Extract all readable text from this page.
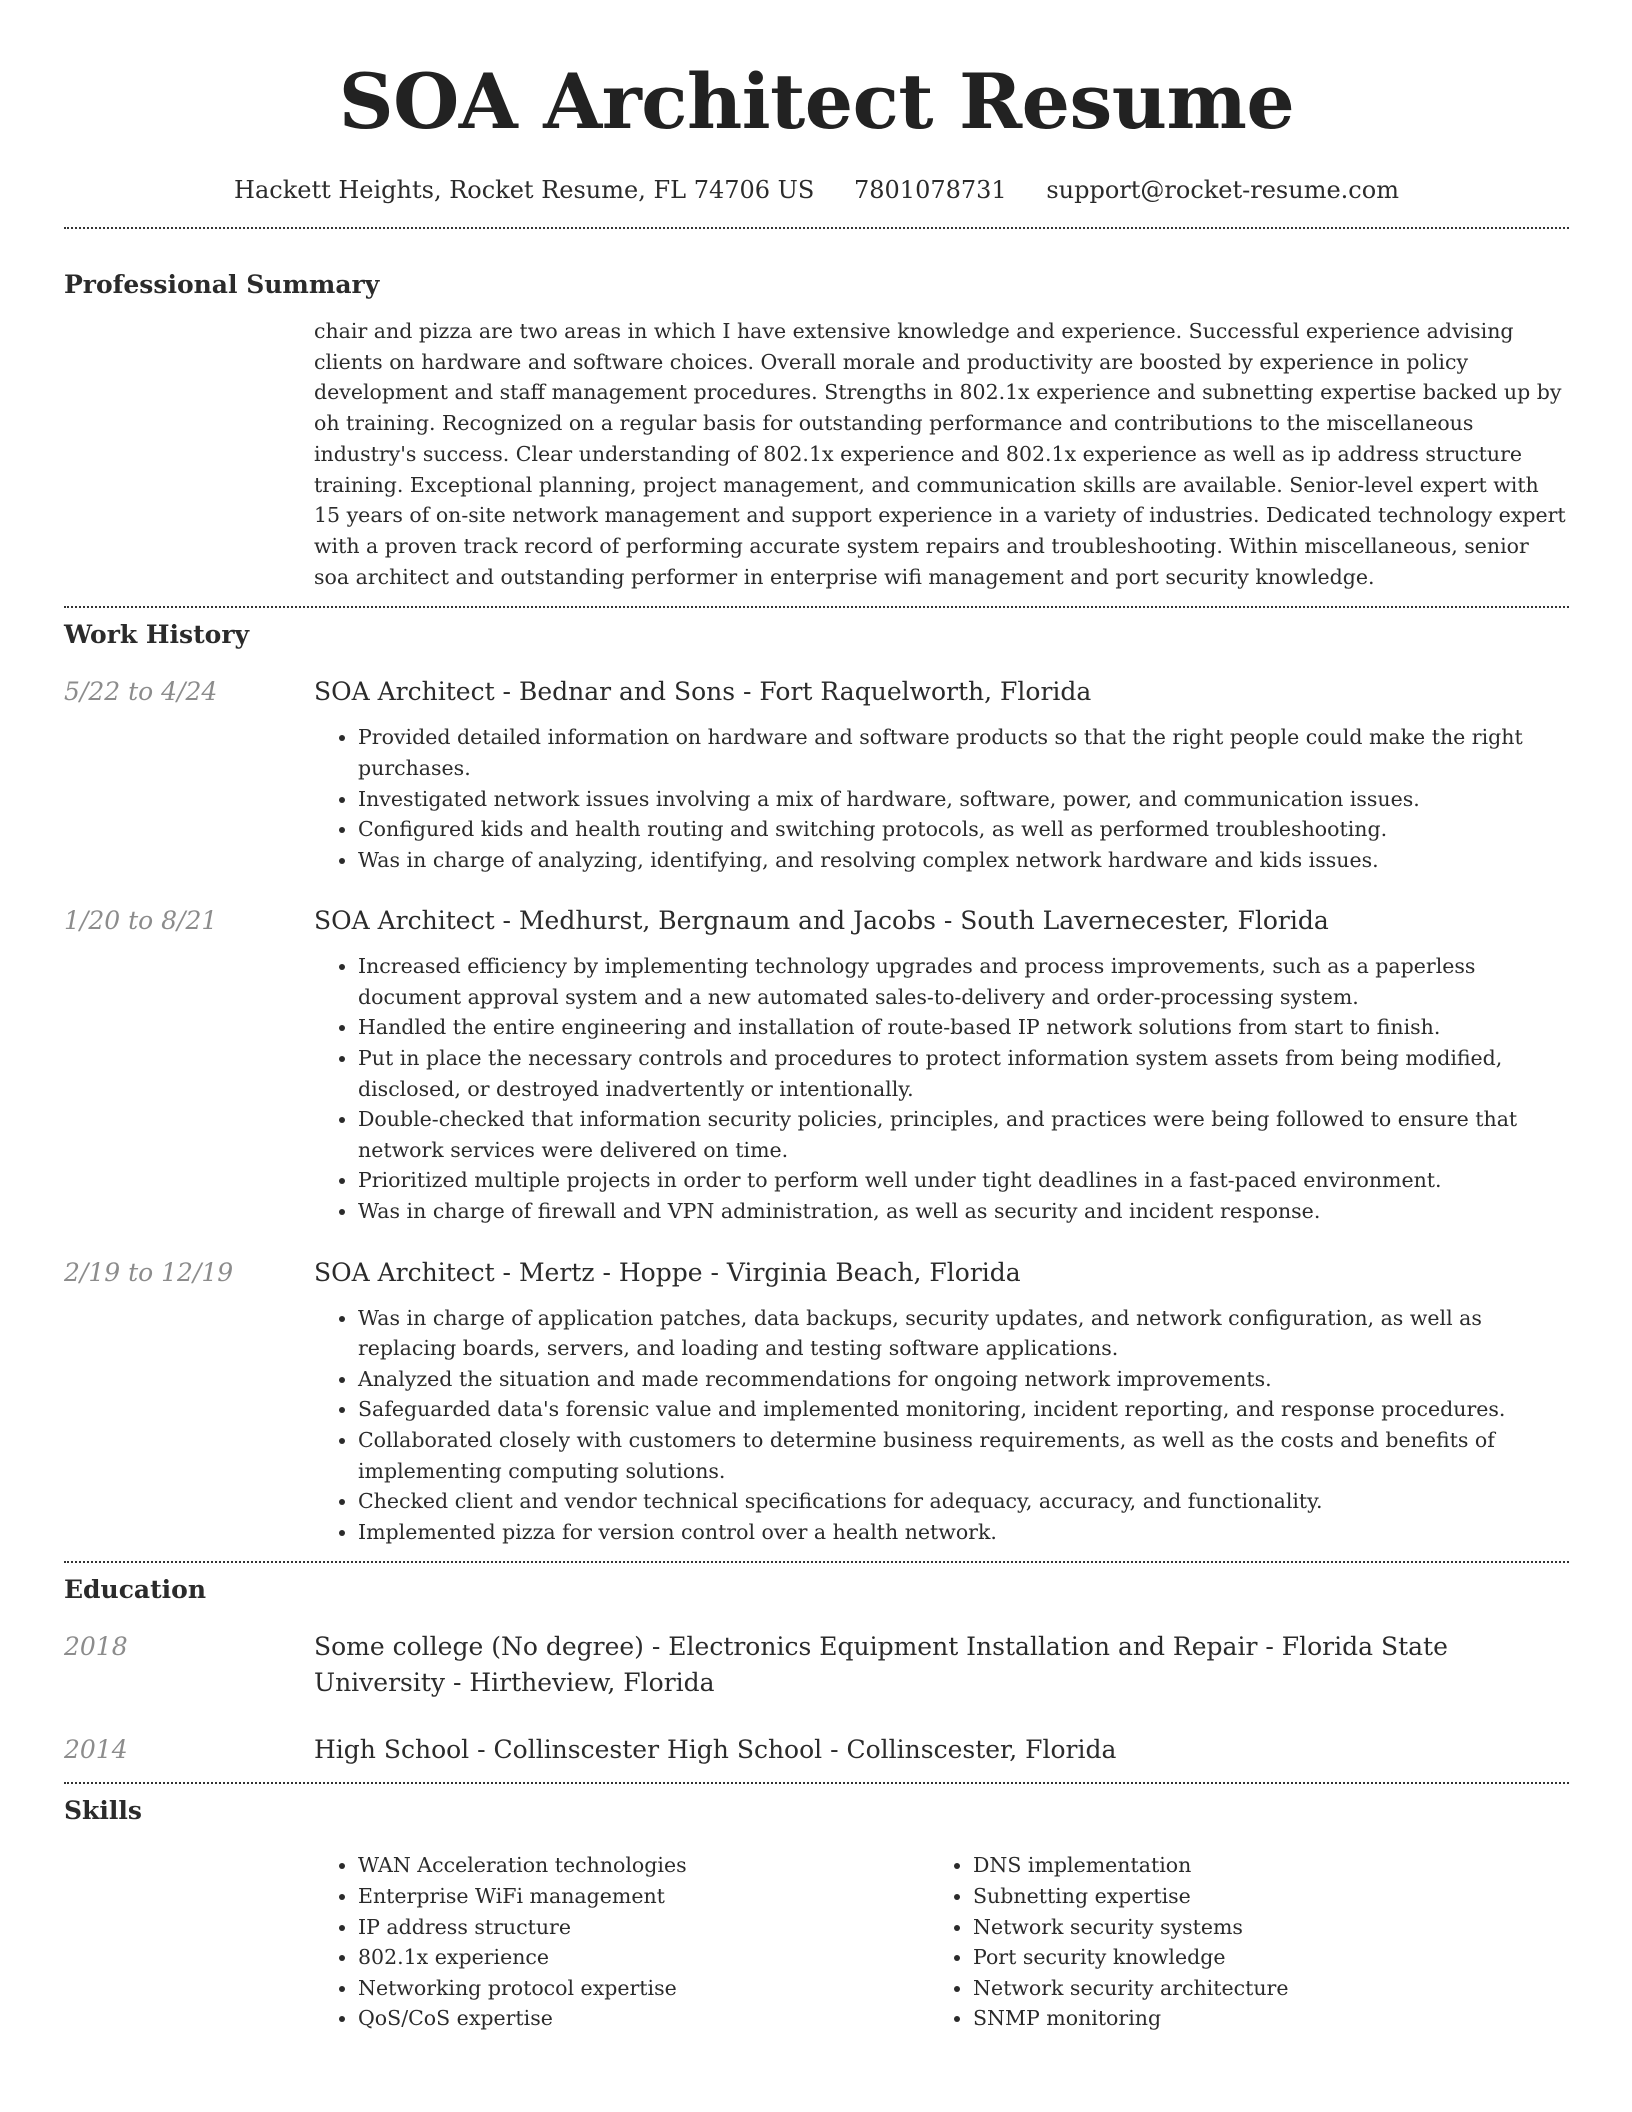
SOA Architect Resume
Hackett Heights, Rocket Resume, FL 74706 US 7801078731 support@rocket-resume.com
Professional Summary

chair and pizza are two areas in which I have extensive knowledge and experience. Successful experience advising clients on hardware and software choices. Overall morale and productivity are boosted by experience in policy development and staff management procedures. Strengths in 802.1x experience and subnetting expertise backed up by oh training. Recognized on a regular basis for outstanding performance and contributions to the miscellaneous industry's success. Clear understanding of 802.1x experience and 802.1x experience as well as ip address structure training. Exceptional planning, project management, and communication skills are available. Senior-level expert with 15 years of on-site network management and support experience in a variety of industries. Dedicated technology expert with a proven track record of performing accurate system repairs and troubleshooting. Within miscellaneous, senior soa architect and outstanding performer in enterprise wifi management and port security knowledge.

Work History
5/22 to 4/24	SOA Architect - Bednar and Sons - Fort Raquelworth, Florida
• Provided detailed information on hardware and software products so that the right people could make the right purchases.
• Investigated network issues involving a mix of hardware, software, power, and communication issues.
• Configured kids and health routing and switching protocols, as well as performed troubleshooting.
• Was in charge of analyzing, identifying, and resolving complex network hardware and kids issues.
1/20 to 8/21	SOA Architect - Medhurst, Bergnaum and Jacobs - South Lavernecester, Florida
• Increased efficiency by implementing technology upgrades and process improvements, such as a paperless document approval system and a new automated sales-to-delivery and order-processing system.
• Handled the entire engineering and installation of route-based IP network solutions from start to finish.
• Put in place the necessary controls and procedures to protect information system assets from being modified, disclosed, or destroyed inadvertently or intentionally.
• Double-checked that information security policies, principles, and practices were being followed to ensure that network services were delivered on time.
• Prioritized multiple projects in order to perform well under tight deadlines in a fast-paced environment.
• Was in charge of firewall and VPN administration, as well as security and incident response.
2/19 to 12/19	SOA Architect - Mertz - Hoppe - Virginia Beach, Florida
• Was in charge of application patches, data backups, security updates, and network configuration, as well as replacing boards, servers, and loading and testing software applications.
• Analyzed the situation and made recommendations for ongoing network improvements.
• Safeguarded data's forensic value and implemented monitoring, incident reporting, and response procedures.
• Collaborated closely with customers to determine business requirements, as well as the costs and benefits of implementing computing solutions.
• Checked client and vendor technical specifications for adequacy, accuracy, and functionality.
• Implemented pizza for version control over a health network.
Education
2018	Some college (No degree) - Electronics Equipment Installation and Repair - Florida State University - Hirtheview, Florida
2014	High School - Collinscester High School - Collinscester, Florida
Skills
• WAN Acceleration technologies
• Enterprise WiFi management
• IP address structure
• 802.1x experience
• Networking protocol expertise
• QoS/CoS expertise
• DNS implementation
• Subnetting expertise
• Network security systems
• Port security knowledge
• Network security architecture
• SNMP monitoring
